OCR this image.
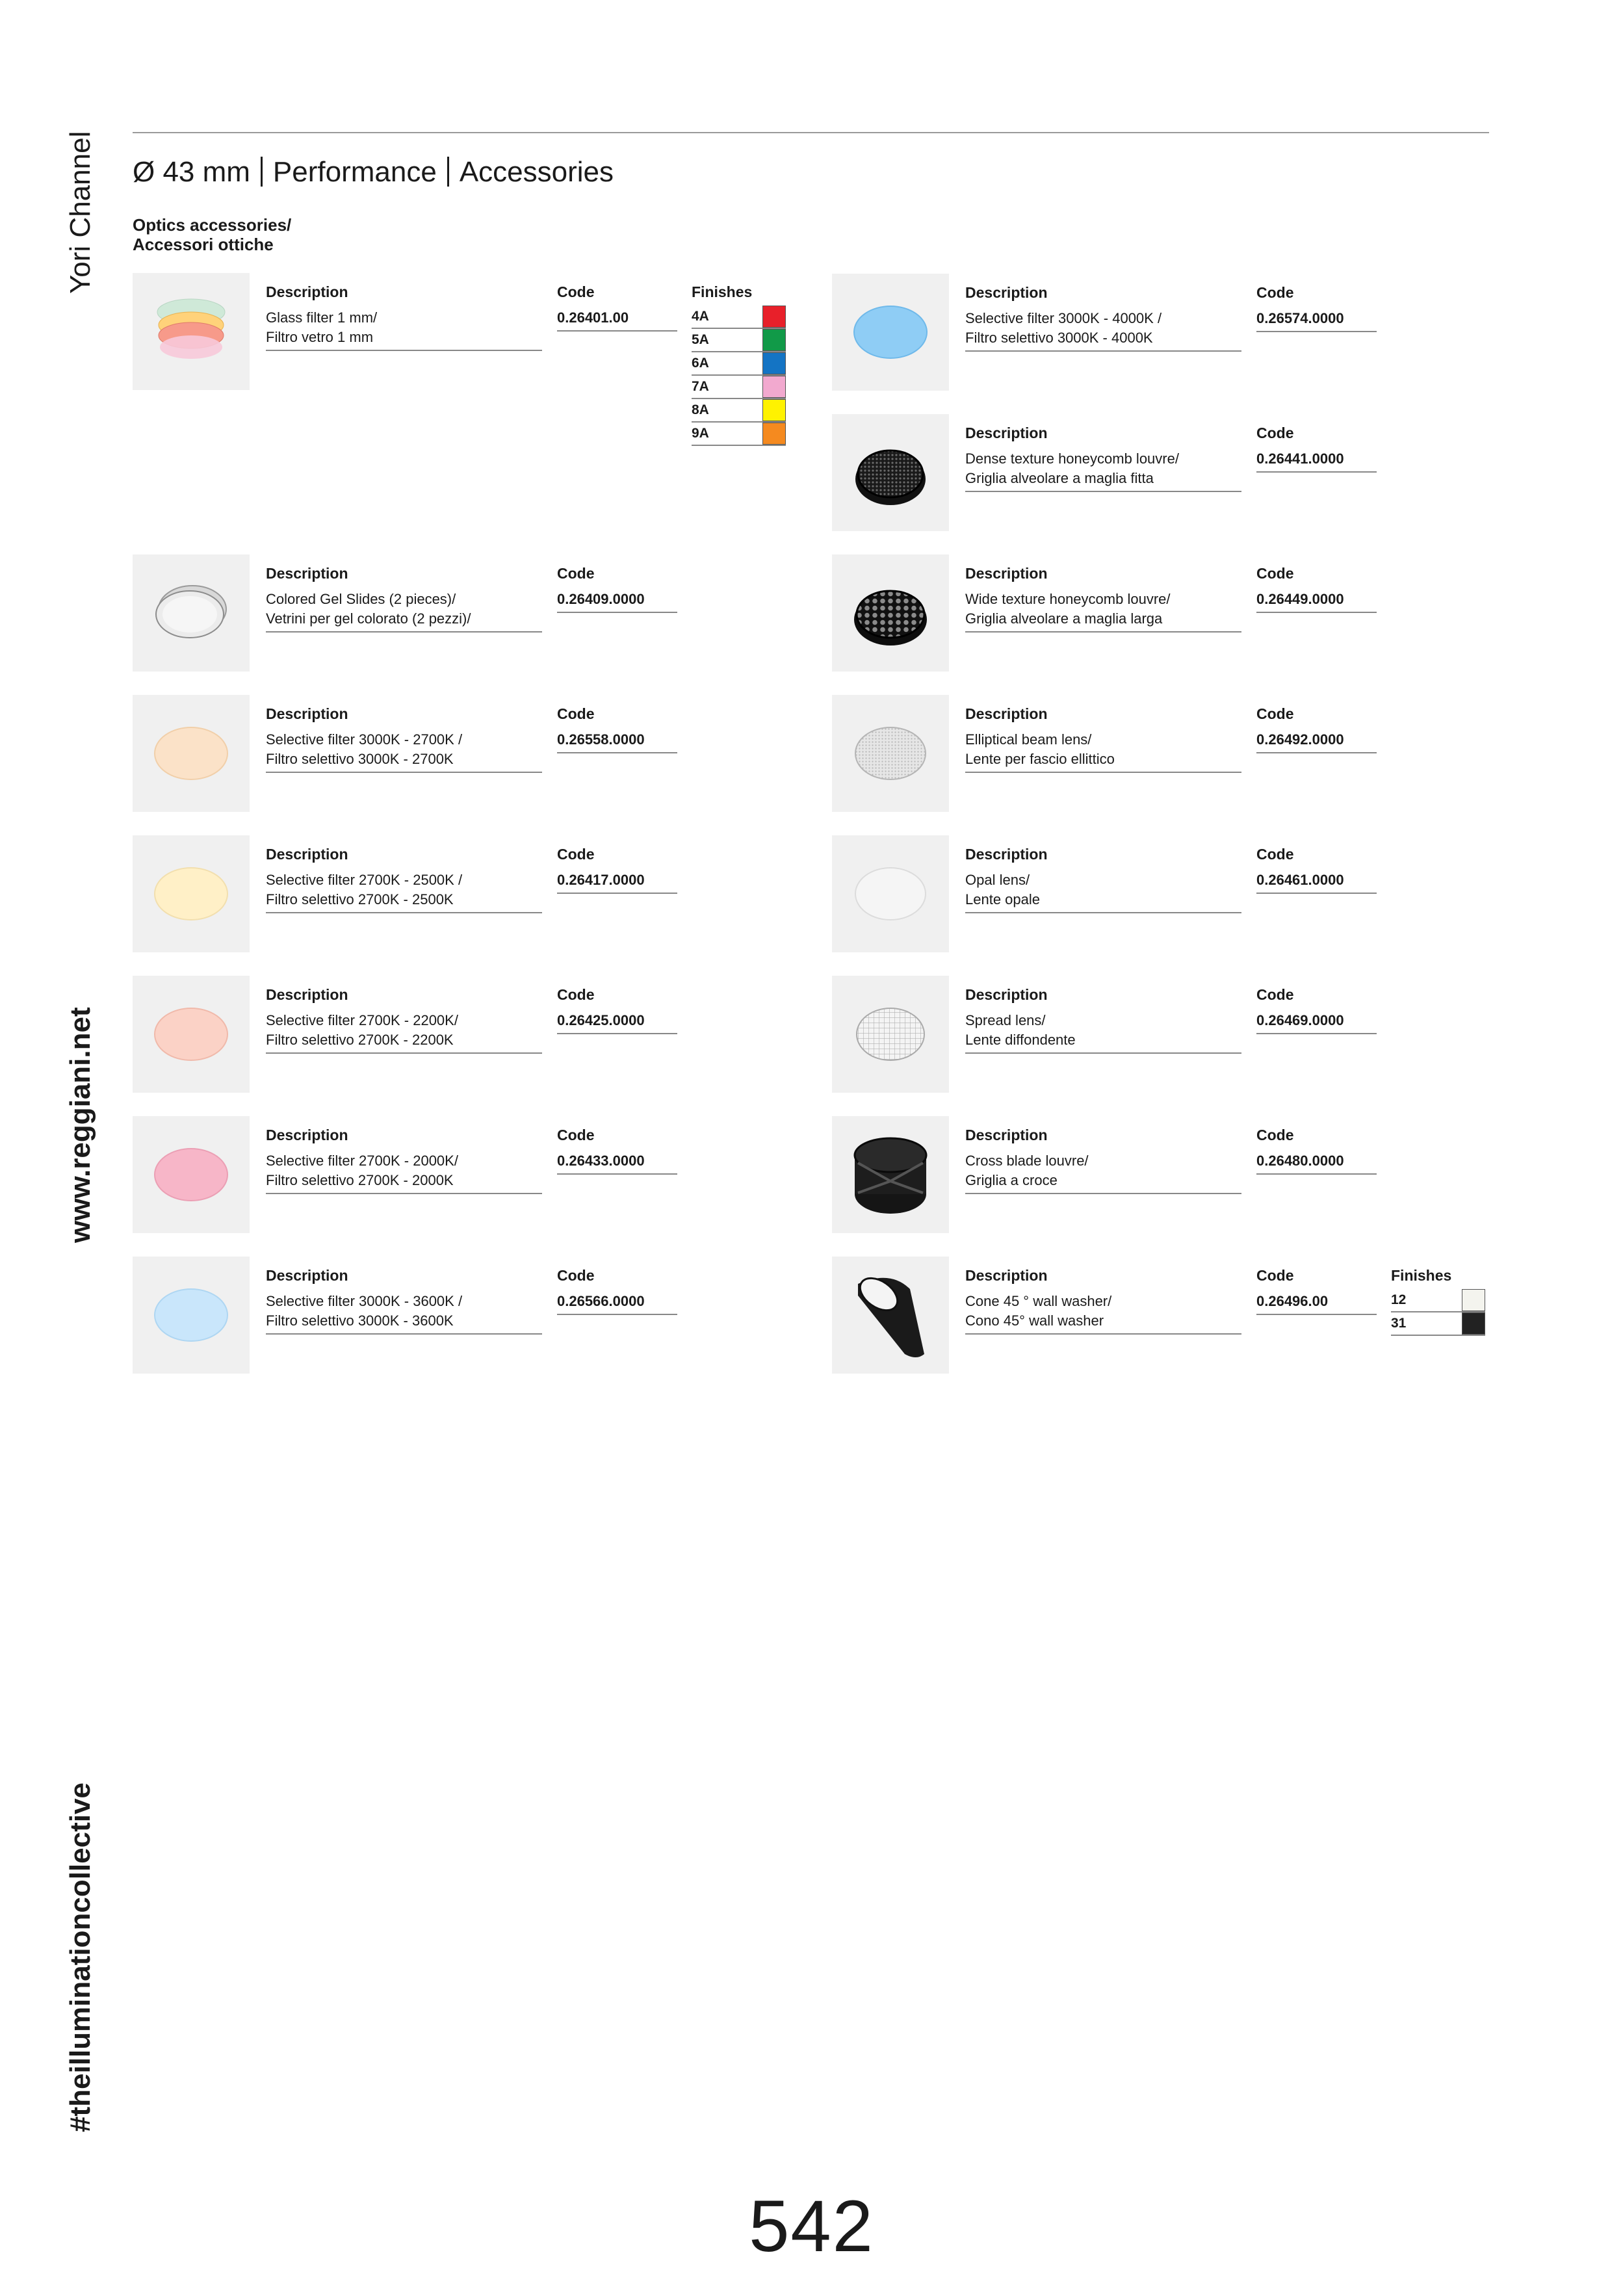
Yori Channel
www.reggiani.net
#theilluminationcollective
Ø 43 mm Performance Accessories
Optics accessories/
Accessori ottiche
Description
Glass filter 1 mm/
Filtro vetro 1 mm
Code
0.26401.00
Finishes
4A
5A
6A
7A
8A
9A
Description
Colored Gel Slides (2 pieces)/
Vetrini per gel colorato (2 pezzi)/
Code
0.26409.0000
Description
Selective filter 3000K - 2700K /
Filtro selettivo 3000K - 2700K
Code
0.26558.0000
Description
Selective filter 2700K - 2500K /
Filtro selettivo 2700K - 2500K
Code
0.26417.0000
Description
Selective filter 2700K - 2200K/
Filtro selettivo 2700K - 2200K
Code
0.26425.0000
Description
Selective filter 2700K - 2000K/
Filtro selettivo 2700K - 2000K
Code
0.26433.0000
Description
Selective filter 3000K - 3600K /
Filtro selettivo 3000K - 3600K
Code
0.26566.0000
Description
Selective filter 3000K - 4000K /
Filtro selettivo 3000K - 4000K
Code
0.26574.0000
Description
Dense texture honeycomb louvre/
Griglia alveolare a maglia fitta
Code
0.26441.0000
Description
Wide texture honeycomb louvre/
Griglia alveolare a maglia larga
Code
0.26449.0000
Description
Elliptical beam lens/
Lente per fascio ellittico
Code
0.26492.0000
Description
Opal lens/
Lente opale
Code
0.26461.0000
Description
Spread lens/
Lente diffondente
Code
0.26469.0000
Description
Cross blade louvre/
Griglia a croce
Code
0.26480.0000
Description
Cone 45 ° wall washer/
Cono 45° wall washer
Code
0.26496.00
Finishes
12
31
542
